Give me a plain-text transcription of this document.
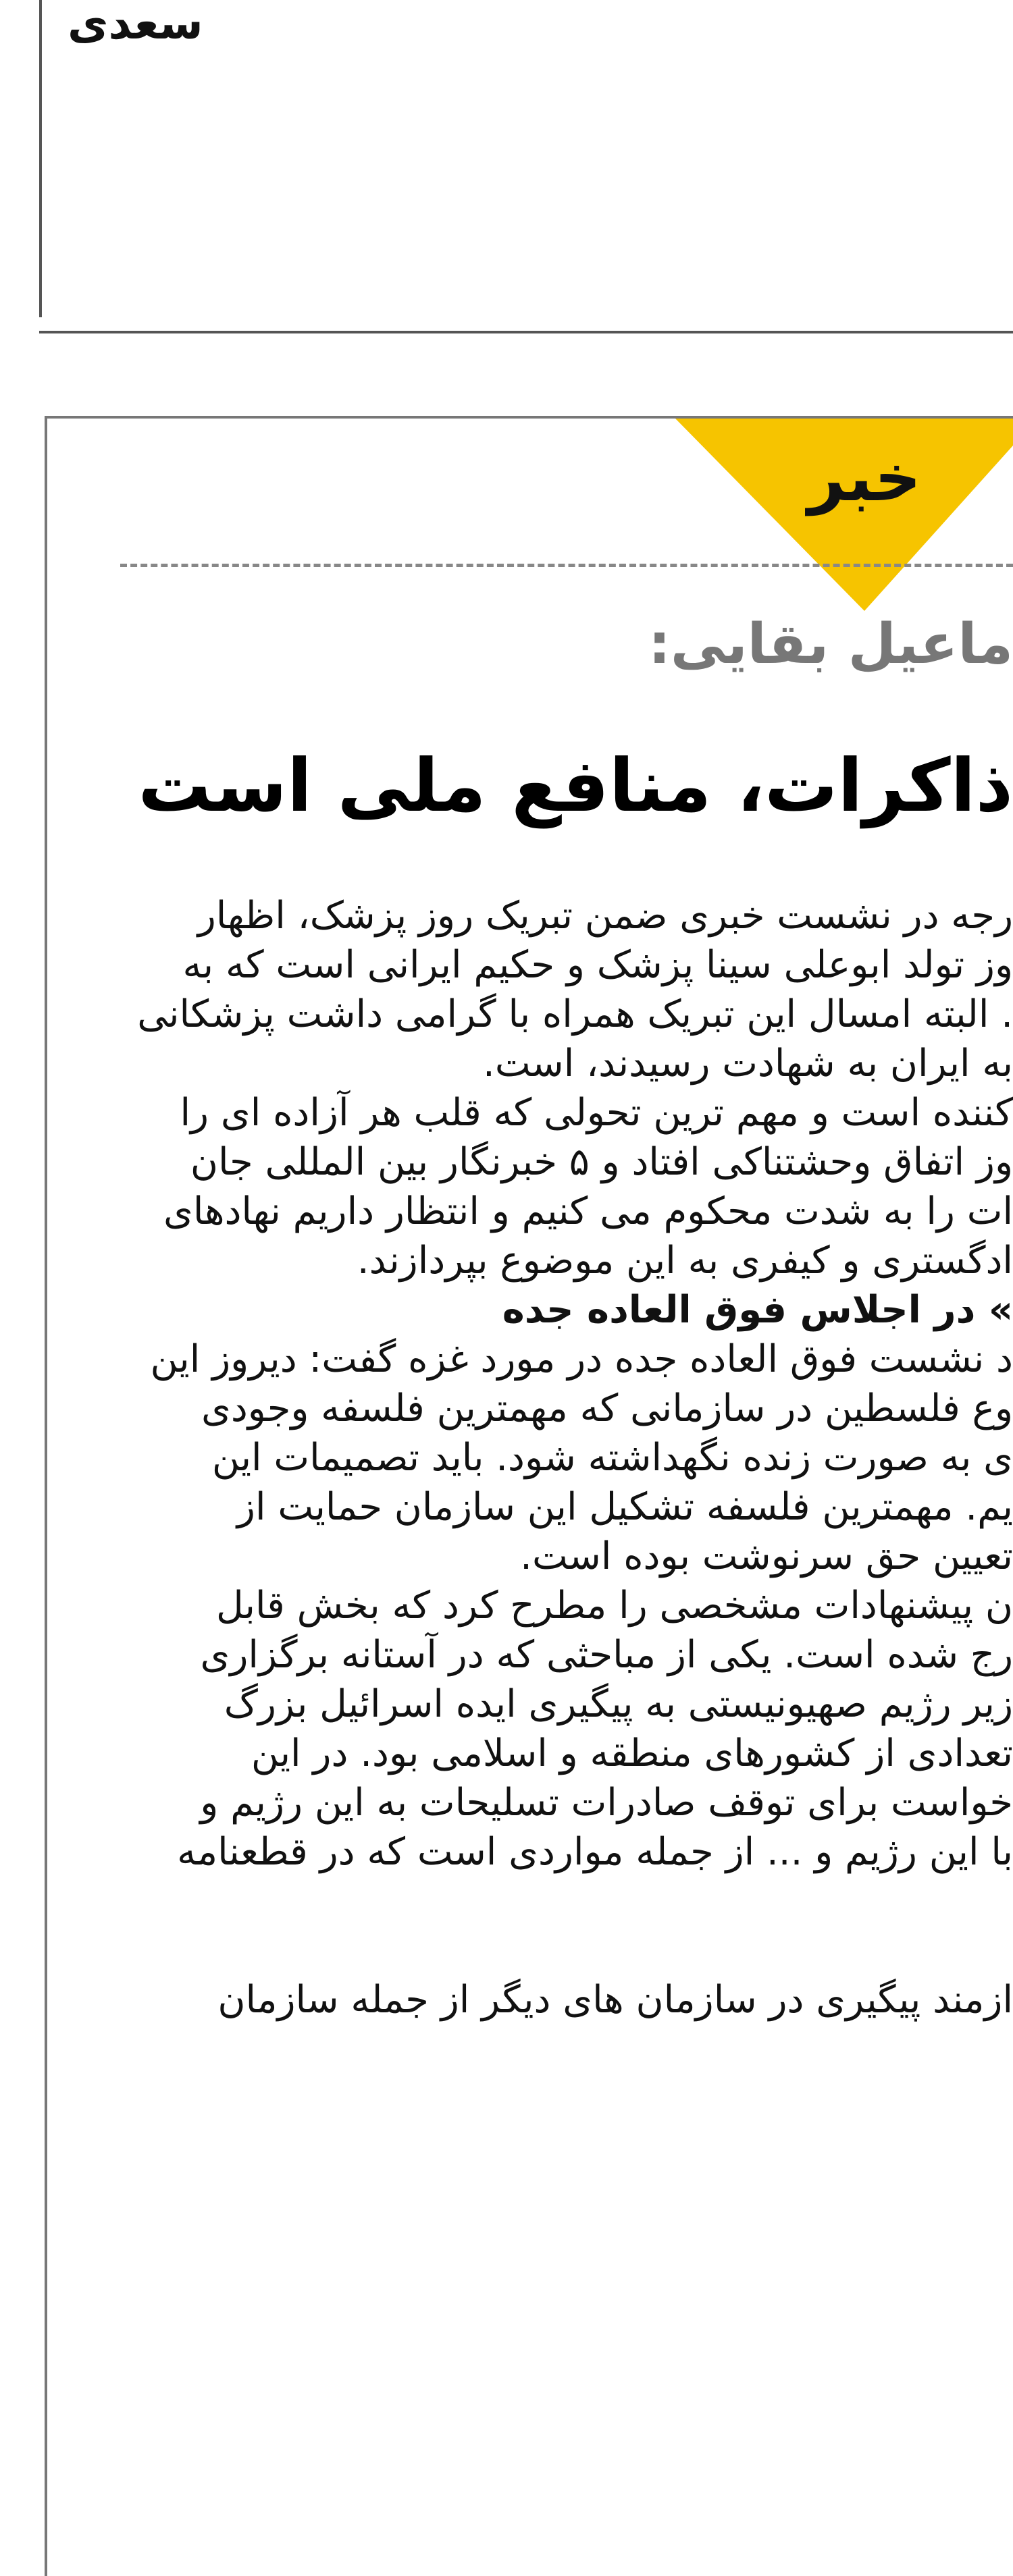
سعدی
خبر
ماعیل بقایی:
ذاکرات، منافع ملی است
رجه در نشست خبری ضمن تبریک روز پزشک، اظهار
وز تولد ابوعلی سینا پزشک و حکیم ایرانی است که به
. البته امسال این تبریک همراه با گرامی داشت پزشکانی
به ایران به شهادت رسیدند، است.
کننده است و مهم ترین تحولی که قلب هر آزاده ای را
وز اتفاق وحشتناکی افتاد و ۵ خبرنگار بین المللی جان
ات را به شدت محکوم می کنیم و انتظار داریم نهادهای
ادگستری و کیفری به این موضوع بپردازند.
» در اجلاس فوق العاده جده
د نشست فوق العاده جده در مورد غزه گفت: دیروز این
وع فلسطین در سازمانی که مهمترین فلسفه وجودی
ی به صورت زنده نگهداشته شود. باید تصمیمات این
یم. مهمترین فلسفه تشکیل این سازمان حمایت از
تعیین حق سرنوشت بوده است.
ن پیشنهادات مشخصی را مطرح کرد که بخش قابل
رج شده است. یکی از مباحثی که در آستانه برگزاری
زیر رژیم صهیونیستی به پیگیری ایده اسرائیل بزرگ
تعدادی از کشورهای منطقه و اسلامی بود. در این
خواست برای توقف صادرات تسلیحات به این رژیم و
با این رژیم و ... از جمله مواردی است که در قطعنامه
ازمند پیگیری در سازمان های دیگر از جمله سازمان
